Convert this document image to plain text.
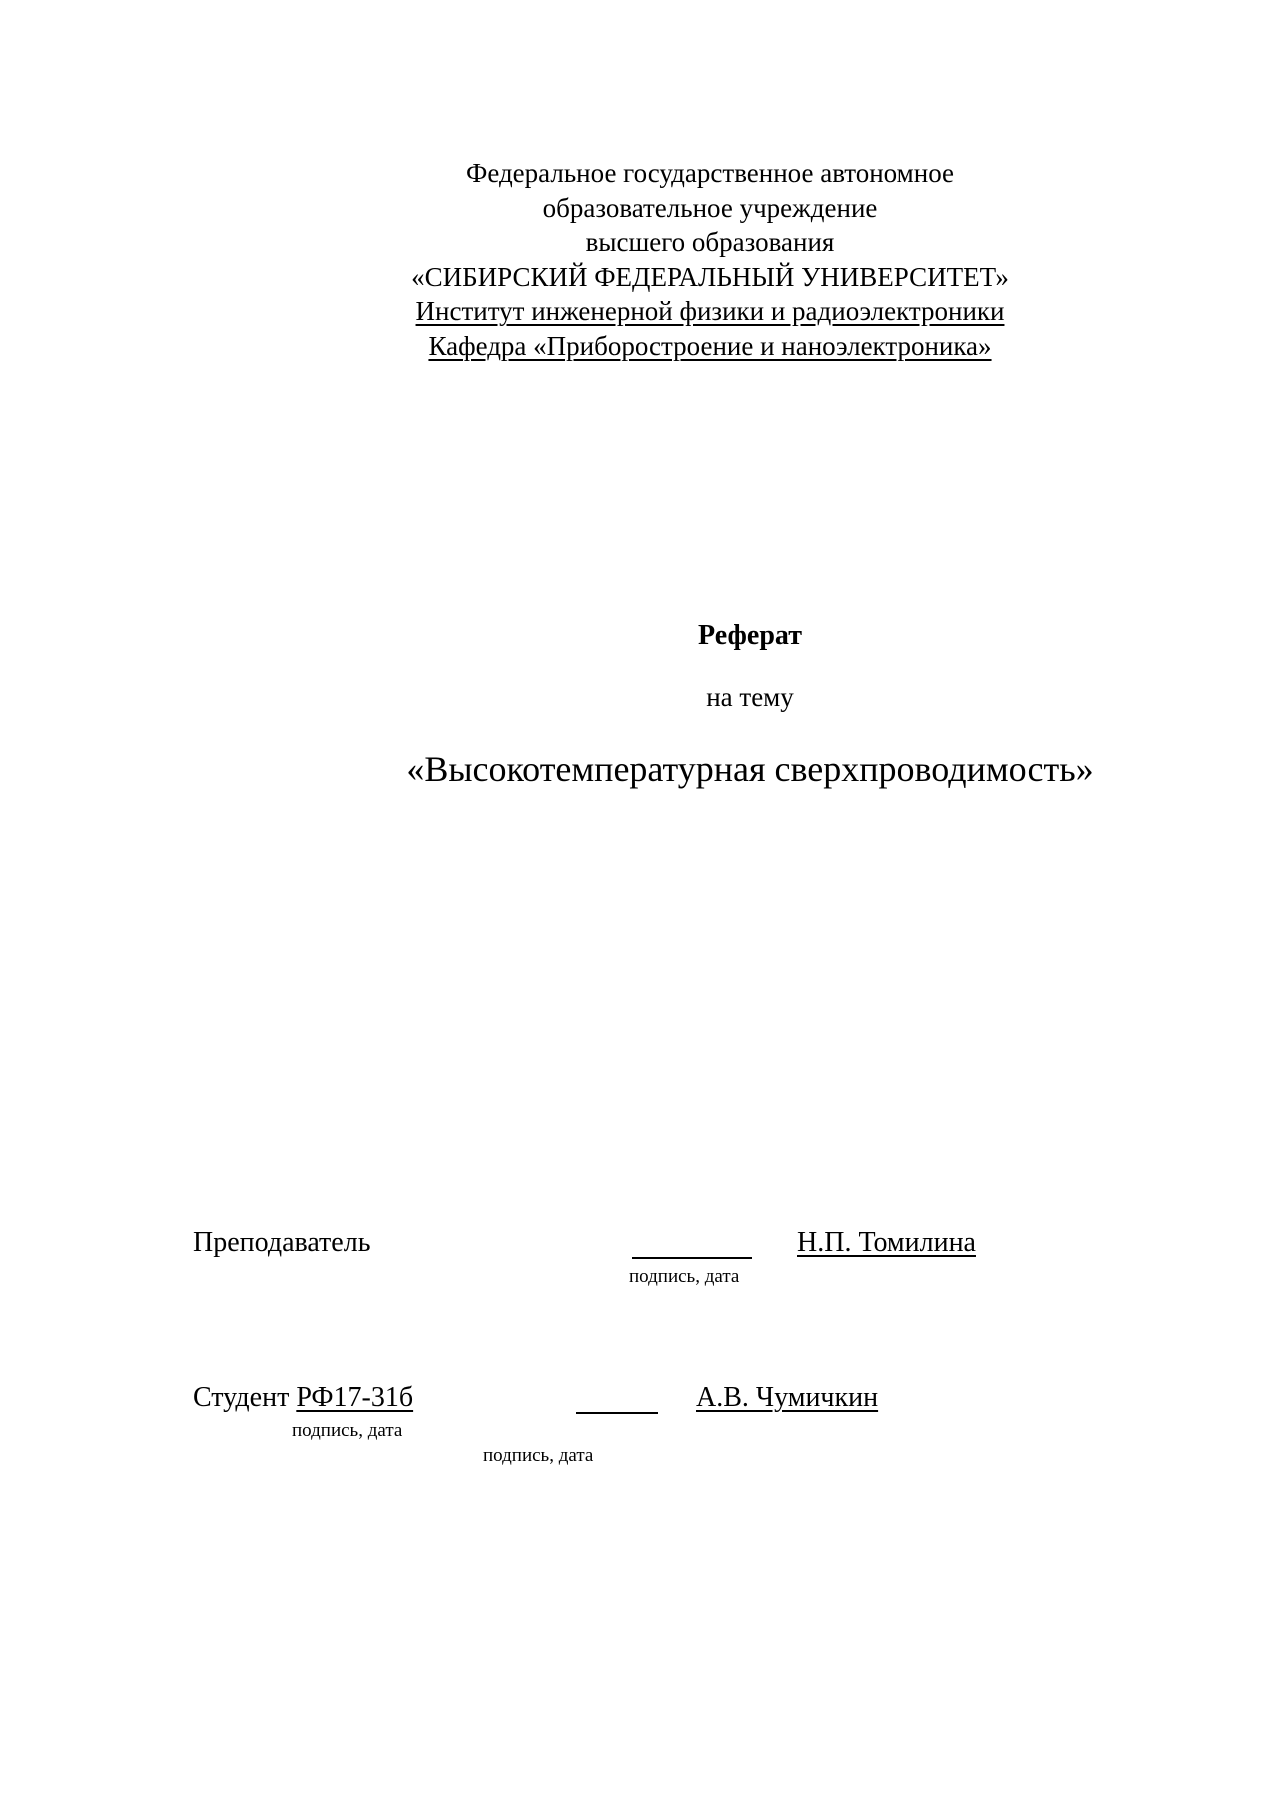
Федеральное государственное автономное
образовательное учреждение
высшего образования
«СИБИРСКИЙ ФЕДЕРАЛЬНЫЙ УНИВЕРСИТЕТ»
Институт инженерной физики и радиоэлектроники
Кафедра «Приборостроение и наноэлектроника»
Реферат
на тему
«Высокотемпературная сверхпроводимость»
Преподаватель
подпись, дата
Н.П. Томилина
Студент РФ17-31б
подпись, дата
А.В. Чумичкин
подпись, дата
